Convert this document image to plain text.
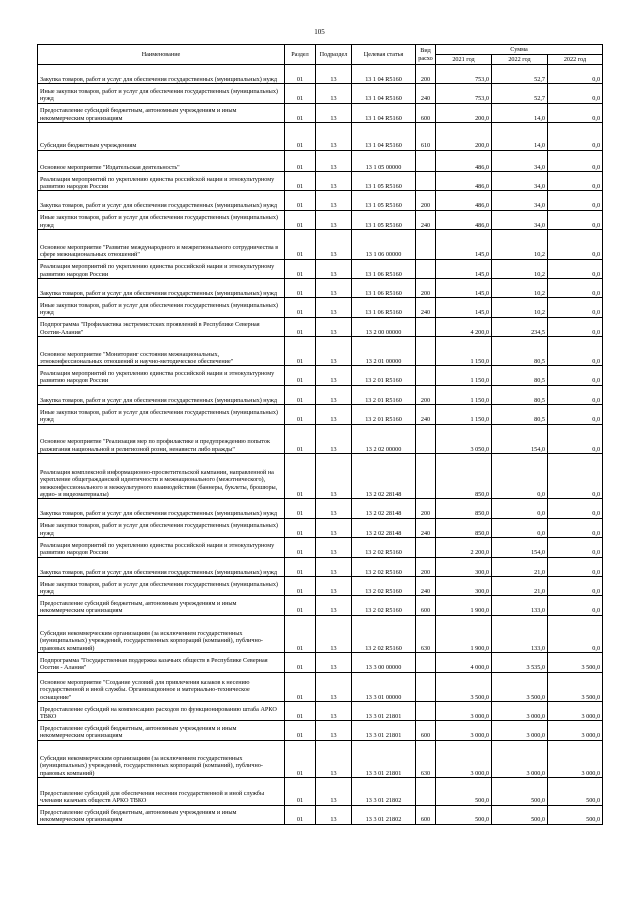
105
Наименование	Раздел	Подраздел	Целевая статья	Вид расхо	Сумма		
					2021 год	2022 год	2022 год
Закупка товаров, работ и услуг для обеспечения государственных (муниципальных) нужд	01	13	13 1 04 R5160	200	753,0	52,7	0,0
Иные закупки товаров, работ и услуг для обеспечения государственных (муниципальных) нужд	01	13	13 1 04 R5160	240	753,0	52,7	0,0
Предоставление субсидий бюджетным, автономным учреждениям и иным некоммерческим организациям	01	13	13 1 04 R5160	600	200,0	14,0	0,0
Субсидии бюджетным учреждениям	01	13	13 1 04 R5160	610	200,0	14,0	0,0
Основное мероприятие "Издательская деятельность"	01	13	13 1 05 00000		486,0	34,0	0,0
Реализация мероприятий по укреплению единства российской нации и этнокультурному развитию народов России	01	13	13 1 05 R5160		486,0	34,0	0,0
Закупка товаров, работ и услуг для обеспечения государственных (муниципальных) нужд	01	13	13 1 05 R5160	200	486,0	34,0	0,0
Иные закупки товаров, работ и услуг для обеспечения государственных (муниципальных) нужд	01	13	13 1 05 R5160	240	486,0	34,0	0,0
Основное мероприятие "Развитие международного и межрегионального сотрудничества в сфере межнациональных отношений"	01	13	13 1 06 00000		145,0	10,2	0,0
Реализация мероприятий по укреплению единства российской нации и этнокультурному развитию народов России	01	13	13 1 06 R5160		145,0	10,2	0,0
Закупка товаров, работ и услуг для обеспечения государственных (муниципальных) нужд	01	13	13 1 06 R5160	200	145,0	10,2	0,0
Иные закупки товаров, работ и услуг для обеспечения государственных (муниципальных) нужд	01	13	13 1 06 R5160	240	145,0	10,2	0,0
Подпрограмма "Профилактика экстремистских проявлений в Республике Северная Осетия-Алания"	01	13	13 2 00 00000		4 200,0	234,5	0,0
Основное мероприятие "Мониторинг состояния межнациональных, этноконфессиональных отношений и научно-методическое обеспечение"	01	13	13 2 01 00000		1 150,0	80,5	0,0
Реализация мероприятий по укреплению единства российской нации и этнокультурному развитию народов России	01	13	13 2 01 R5160		1 150,0	80,5	0,0
Закупка товаров, работ и услуг для обеспечения государственных (муниципальных) нужд	01	13	13 2 01 R5160	200	1 150,0	80,5	0,0
Иные закупки товаров, работ и услуг для обеспечения государственных (муниципальных) нужд	01	13	13 2 01 R5160	240	1 150,0	80,5	0,0
Основное мероприятие "Реализация мер по профилактике и предупреждению попыток разжигания национальной и религиозной розни, ненависти либо вражды"	01	13	13 2 02 00000		3 050,0	154,0	0,0
Реализация комплексной информационно-просветительской кампании, направленной на укрепление общегражданской идентичности и межнационального (межэтнического), межконфессионального и межкультурного взаимодействия (баннеры, буклеты, брошюры, аудио- и видеоматериалы)	01	13	13 2 02 28148		850,0	0,0	0,0
Закупка товаров, работ и услуг для обеспечения государственных (муниципальных) нужд	01	13	13 2 02 28148	200	850,0	0,0	0,0
Иные закупки товаров, работ и услуг для обеспечения государственных (муниципальных) нужд	01	13	13 2 02 28148	240	850,0	0,0	0,0
Реализация мероприятий по укреплению единства российской нации и этнокультурному развитию народов России	01	13	13 2 02 R5160		2 200,0	154,0	0,0
Закупка товаров, работ и услуг для обеспечения государственных (муниципальных) нужд	01	13	13 2 02 R5160	200	300,0	21,0	0,0
Иные закупки товаров, работ и услуг для обеспечения государственных (муниципальных) нужд	01	13	13 2 02 R5160	240	300,0	21,0	0,0
Предоставление субсидий бюджетным, автономным учреждениям и иным некоммерческим организациям	01	13	13 2 02 R5160	600	1 900,0	133,0	0,0
Субсидии некоммерческим организациям (за исключением государственных (муниципальных) учреждений, государственных корпораций (компаний), публично-правовых компаний)	01	13	13 2 02 R5160	630	1 900,0	133,0	0,0
Подпрограмма "Государственная поддержка казачьих обществ в Республике Северная Осетия - Алания"	01	13	13 3 00 00000		4 000,0	3 535,0	3 500,0
Основное мероприятие "Создание условий для привлечения казаков к несению государственной и иной службы. Организационное и материально-техническое оснащение"	01	13	13 3 01 00000		3 500,0	3 500,0	3 500,0
Предоставление субсидий на компенсацию расходов по функционированию штаба АРКО ТВКО	01	13	13 3 01 21801		3 000,0	3 000,0	3 000,0
Предоставление субсидий бюджетным, автономным учреждениям и иным некоммерческим организациям	01	13	13 3 01 21801	600	3 000,0	3 000,0	3 000,0
Субсидии некоммерческим организациям (за исключением государственных (муниципальных) учреждений, государственных корпораций (компаний), публично-правовых компаний)	01	13	13 3 01 21801	630	3 000,0	3 000,0	3 000,0
Предоставление субсидий для обеспечения несения государственной и иной службы членами казачьих обществ АРКО ТВКО	01	13	13 3 01 21802		500,0	500,0	500,0
Предоставление субсидий бюджетным, автономным учреждениям и иным некоммерческим организациям	01	13	13 3 01 21802	600	500,0	500,0	500,0
